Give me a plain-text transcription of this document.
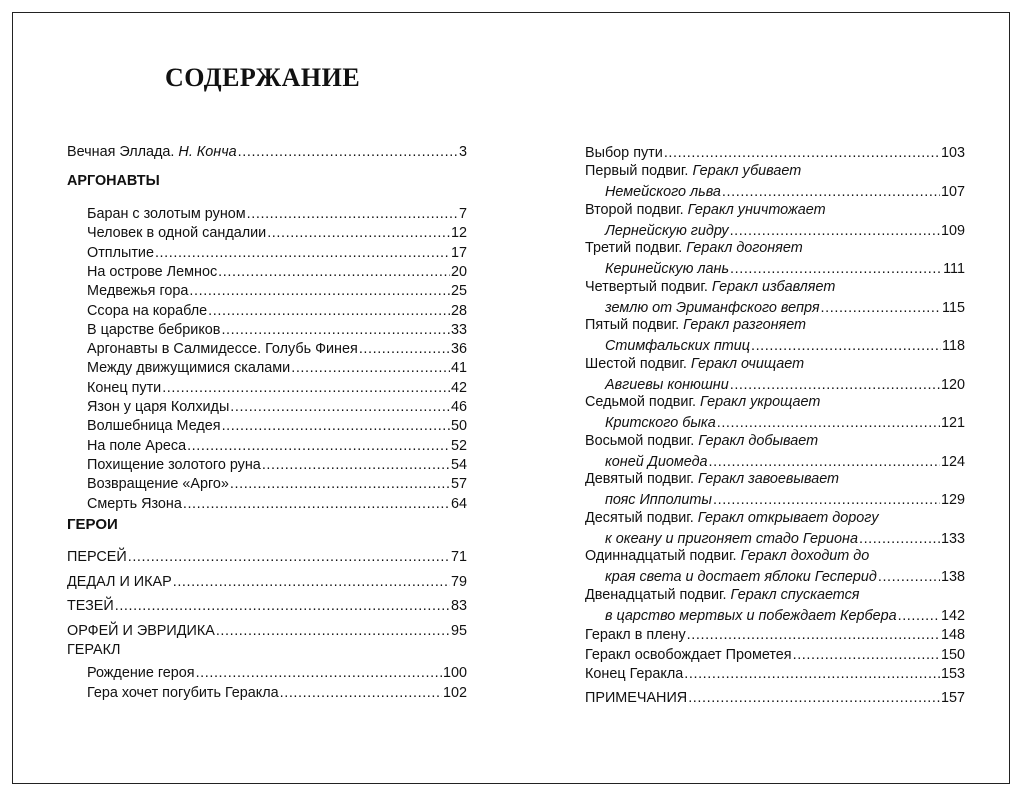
СОДЕРЖАНИЕ
Вечная Эллада. Н. Конча .....	3
АРГОНАВТЫ
Баран с золотым руном .....	7
Человек в одной сандалии .....	12
Отплытие .....	17
На острове Лемнос .....	20
Медвежья гора .....	25
Ссора на корабле .....	28
В царстве бебриков .....	33
Аргонавты в Салмидессе. Голубь Финея .....	36
Между движущимися скалами .....	41
Конец пути .....	42
Язон у царя Колхиды .....	46
Волшебница Медея .....	50
На поле Ареса .....	52
Похищение золотого руна .....	54
Возвращение «Арго» .....	57
Смерть Язона .....	64
ГЕРОИ
ПЕРСЕЙ .....	71
ДЕДАЛ И ИКАР .....	79
ТЕЗЕЙ .....	83
ОРФЕЙ И ЭВРИДИКА .....	95
ГЕРАКЛ
Рождение героя .....	100
Гера хочет погубить Геракла .....	102
Выбор пути .....	103
Первый подвиг. Геракл убивает
Немейского льва .....	107
Второй подвиг. Геракл уничтожает
Лернейскую гидру .....	109
Третий подвиг. Геракл догоняет
Керинейскую лань .....	111
Четвертый подвиг. Геракл избавляет
землю от Эриманфского вепря .....	115
Пятый подвиг. Геракл разгоняет
Стимфальских птиц .....	118
Шестой подвиг. Геракл очищает
Авгиевы конюшни .....	120
Седьмой подвиг. Геракл укрощает
Критского быка .....	121
Восьмой подвиг. Геракл добывает
коней Диомеда .....	124
Девятый подвиг. Геракл завоевывает
пояс Ипполиты .....	129
Десятый подвиг. Геракл открывает дорогу
к океану и пригоняет стадо Гериона .....	133
Одиннадцатый подвиг. Геракл доходит до
края света и достает яблоки Гесперид .....	138
Двенадцатый подвиг. Геракл спускается
в царство мертвых и побеждает Кербера .....	142
Геракл в плену .....	148
Геракл освобождает Прометея .....	150
Конец Геракла .....	153
ПРИМЕЧАНИЯ .....	157
